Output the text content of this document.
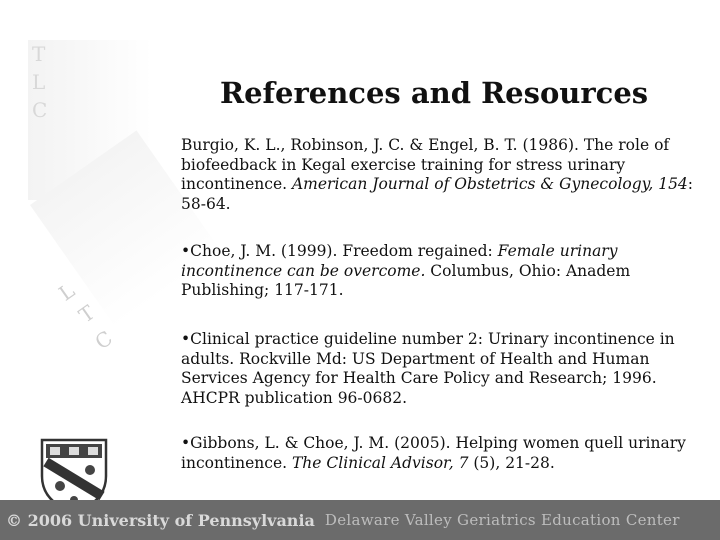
T
L
C
L
T
C
References and Resources
Burgio, K. L., Robinson, J. C. & Engel, B. T. (1986). The role of biofeedback in Kegal exercise training for stress urinary incontinence. American Journal of Obstetrics & Gynecology, 154: 58-64.
•Choe, J. M. (1999). Freedom regained: Female urinary incontinence can be overcome. Columbus, Ohio: Anadem Publishing; 117-171.
•Clinical practice guideline number 2: Urinary incontinence in adults. Rockville Md: US Department of Health and Human Services Agency for Health Care Policy and Research; 1996. AHCPR publication 96-0682.
•Gibbons, L. & Choe, J. M. (2005). Helping women quell urinary incontinence. The Clinical Advisor, 7 (5), 21-28.
© 2006 University of Pennsylvania Delaware Valley Geriatrics Education Center
